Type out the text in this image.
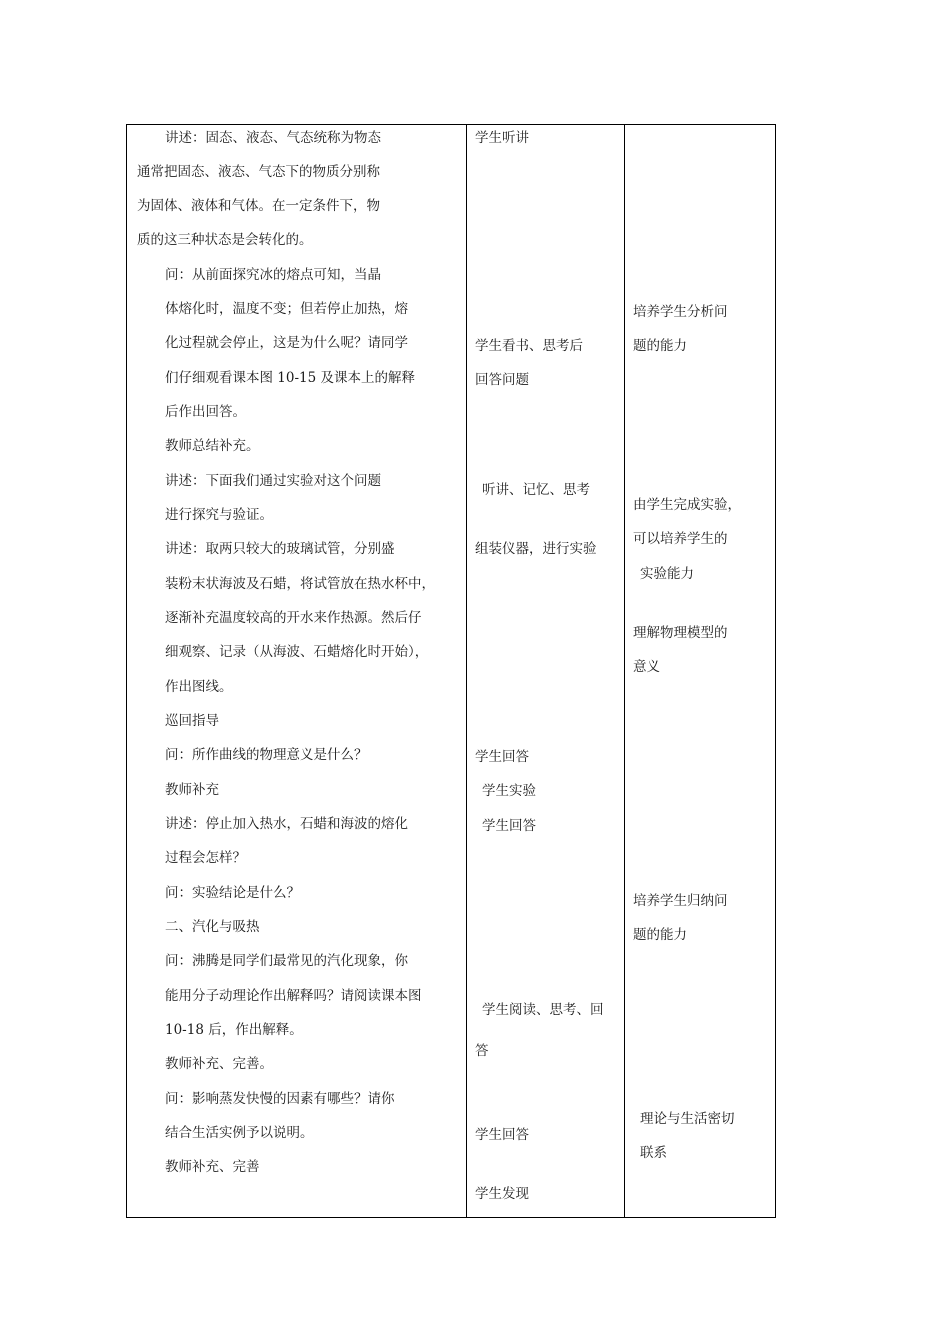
讲述：固态、液态、气态统称为物态
通常把固态、液态、气态下的物质分别称
为固体、液体和气体。在一定条件下，物
质的这三种状态是会转化的。
问：从前面探究冰的熔点可知，当晶
体熔化时，温度不变；但若停止加热，熔
化过程就会停止，这是为什么呢？请同学
们仔细观看课本图 10-15 及课本上的解释
后作出回答。
教师总结补充。
讲述：下面我们通过实验对这个问题
进行探究与验证。
讲述：取两只较大的玻璃试管，分别盛
装粉末状海波及石蜡，将试管放在热水杯中，
逐渐补充温度较高的开水来作热源。然后仔
细观察、记录（从海波、石蜡熔化时开始），
作出图线。
巡回指导
问：所作曲线的物理意义是什么？
教师补充
讲述：停止加入热水，石蜡和海波的熔化
过程会怎样？
问：实验结论是什么？
二、汽化与吸热
问：沸腾是同学们最常见的汽化现象，你
能用分子动理论作出解释吗？请阅读课本图
10-18 后，作出解释。
教师补充、完善。
问：影响蒸发快慢的因素有哪些？请你
结合生活实例予以说明。
教师补充、完善
学生听讲
学生看书、思考后
回答问题
听讲、记忆、思考
组装仪器，进行实验
学生回答
学生实验
学生回答
学生阅读、思考、回
答
学生回答
学生发现
培养学生分析问
题的能力
由学生完成实验，
可以培养学生的
实验能力
理解物理模型的
意义
培养学生归纳问
题的能力
理论与生活密切
联系
